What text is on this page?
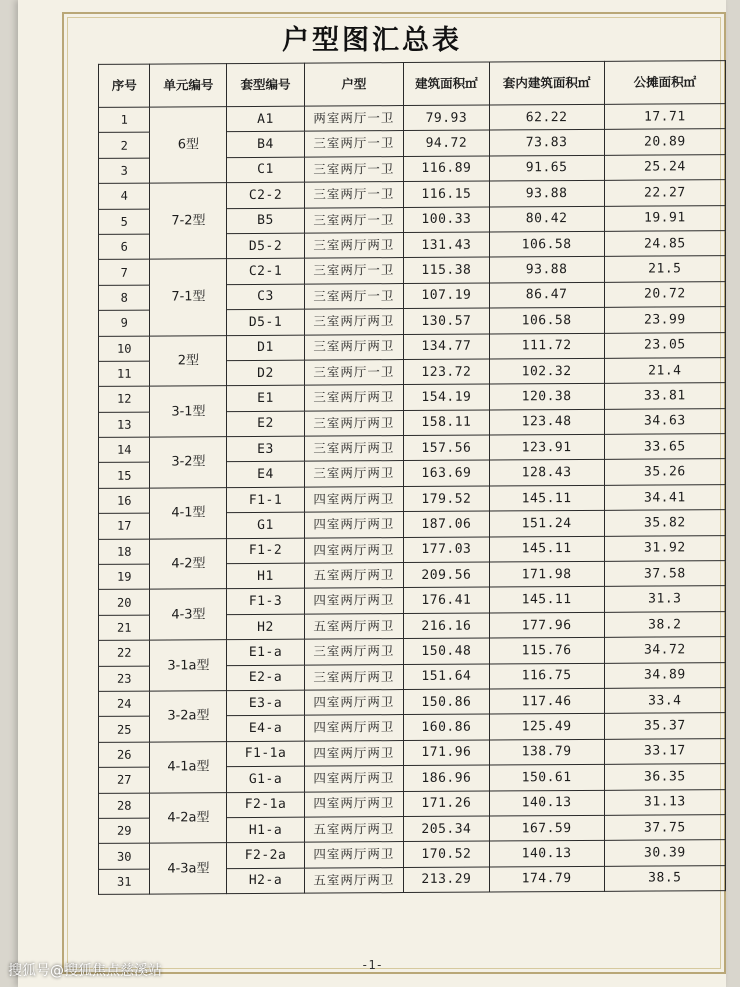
户型图汇总表
序号	单元编号	套型编号	户型	建筑面积㎡	套内建筑面积㎡	公摊面积㎡
1	6型	A1	两室两厅一卫	79.93	62.22	17.71
2		B4	三室两厅一卫	94.72	73.83	20.89
3		C1	三室两厅一卫	116.89	91.65	25.24
4	7-2型	C2-2	三室两厅一卫	116.15	93.88	22.27
5		B5	三室两厅一卫	100.33	80.42	19.91
6		D5-2	三室两厅两卫	131.43	106.58	24.85
7	7-1型	C2-1	三室两厅一卫	115.38	93.88	21.5
8		C3	三室两厅一卫	107.19	86.47	20.72
9		D5-1	三室两厅两卫	130.57	106.58	23.99
10	2型	D1	三室两厅两卫	134.77	111.72	23.05
11		D2	三室两厅一卫	123.72	102.32	21.4
12	3-1型	E1	三室两厅两卫	154.19	120.38	33.81
13		E2	三室两厅两卫	158.11	123.48	34.63
14	3-2型	E3	三室两厅两卫	157.56	123.91	33.65
15		E4	三室两厅两卫	163.69	128.43	35.26
16	4-1型	F1-1	四室两厅两卫	179.52	145.11	34.41
17		G1	四室两厅两卫	187.06	151.24	35.82
18	4-2型	F1-2	四室两厅两卫	177.03	145.11	31.92
19		H1	五室两厅两卫	209.56	171.98	37.58
20	4-3型	F1-3	四室两厅两卫	176.41	145.11	31.3
21		H2	五室两厅两卫	216.16	177.96	38.2
22	3-1a型	E1-a	三室两厅两卫	150.48	115.76	34.72
23		E2-a	三室两厅两卫	151.64	116.75	34.89
24	3-2a型	E3-a	四室两厅两卫	150.86	117.46	33.4
25		E4-a	四室两厅两卫	160.86	125.49	35.37
26	4-1a型	F1-1a	四室两厅两卫	171.96	138.79	33.17
27		G1-a	四室两厅两卫	186.96	150.61	36.35
28	4-2a型	F2-1a	四室两厅两卫	171.26	140.13	31.13
29		H1-a	五室两厅两卫	205.34	167.59	37.75
30	4-3a型	F2-2a	四室两厅两卫	170.52	140.13	30.39
31		H2-a	五室两厅两卫	213.29	174.79	38.5
-1-
搜狐号@搜狐焦点慈溪站
